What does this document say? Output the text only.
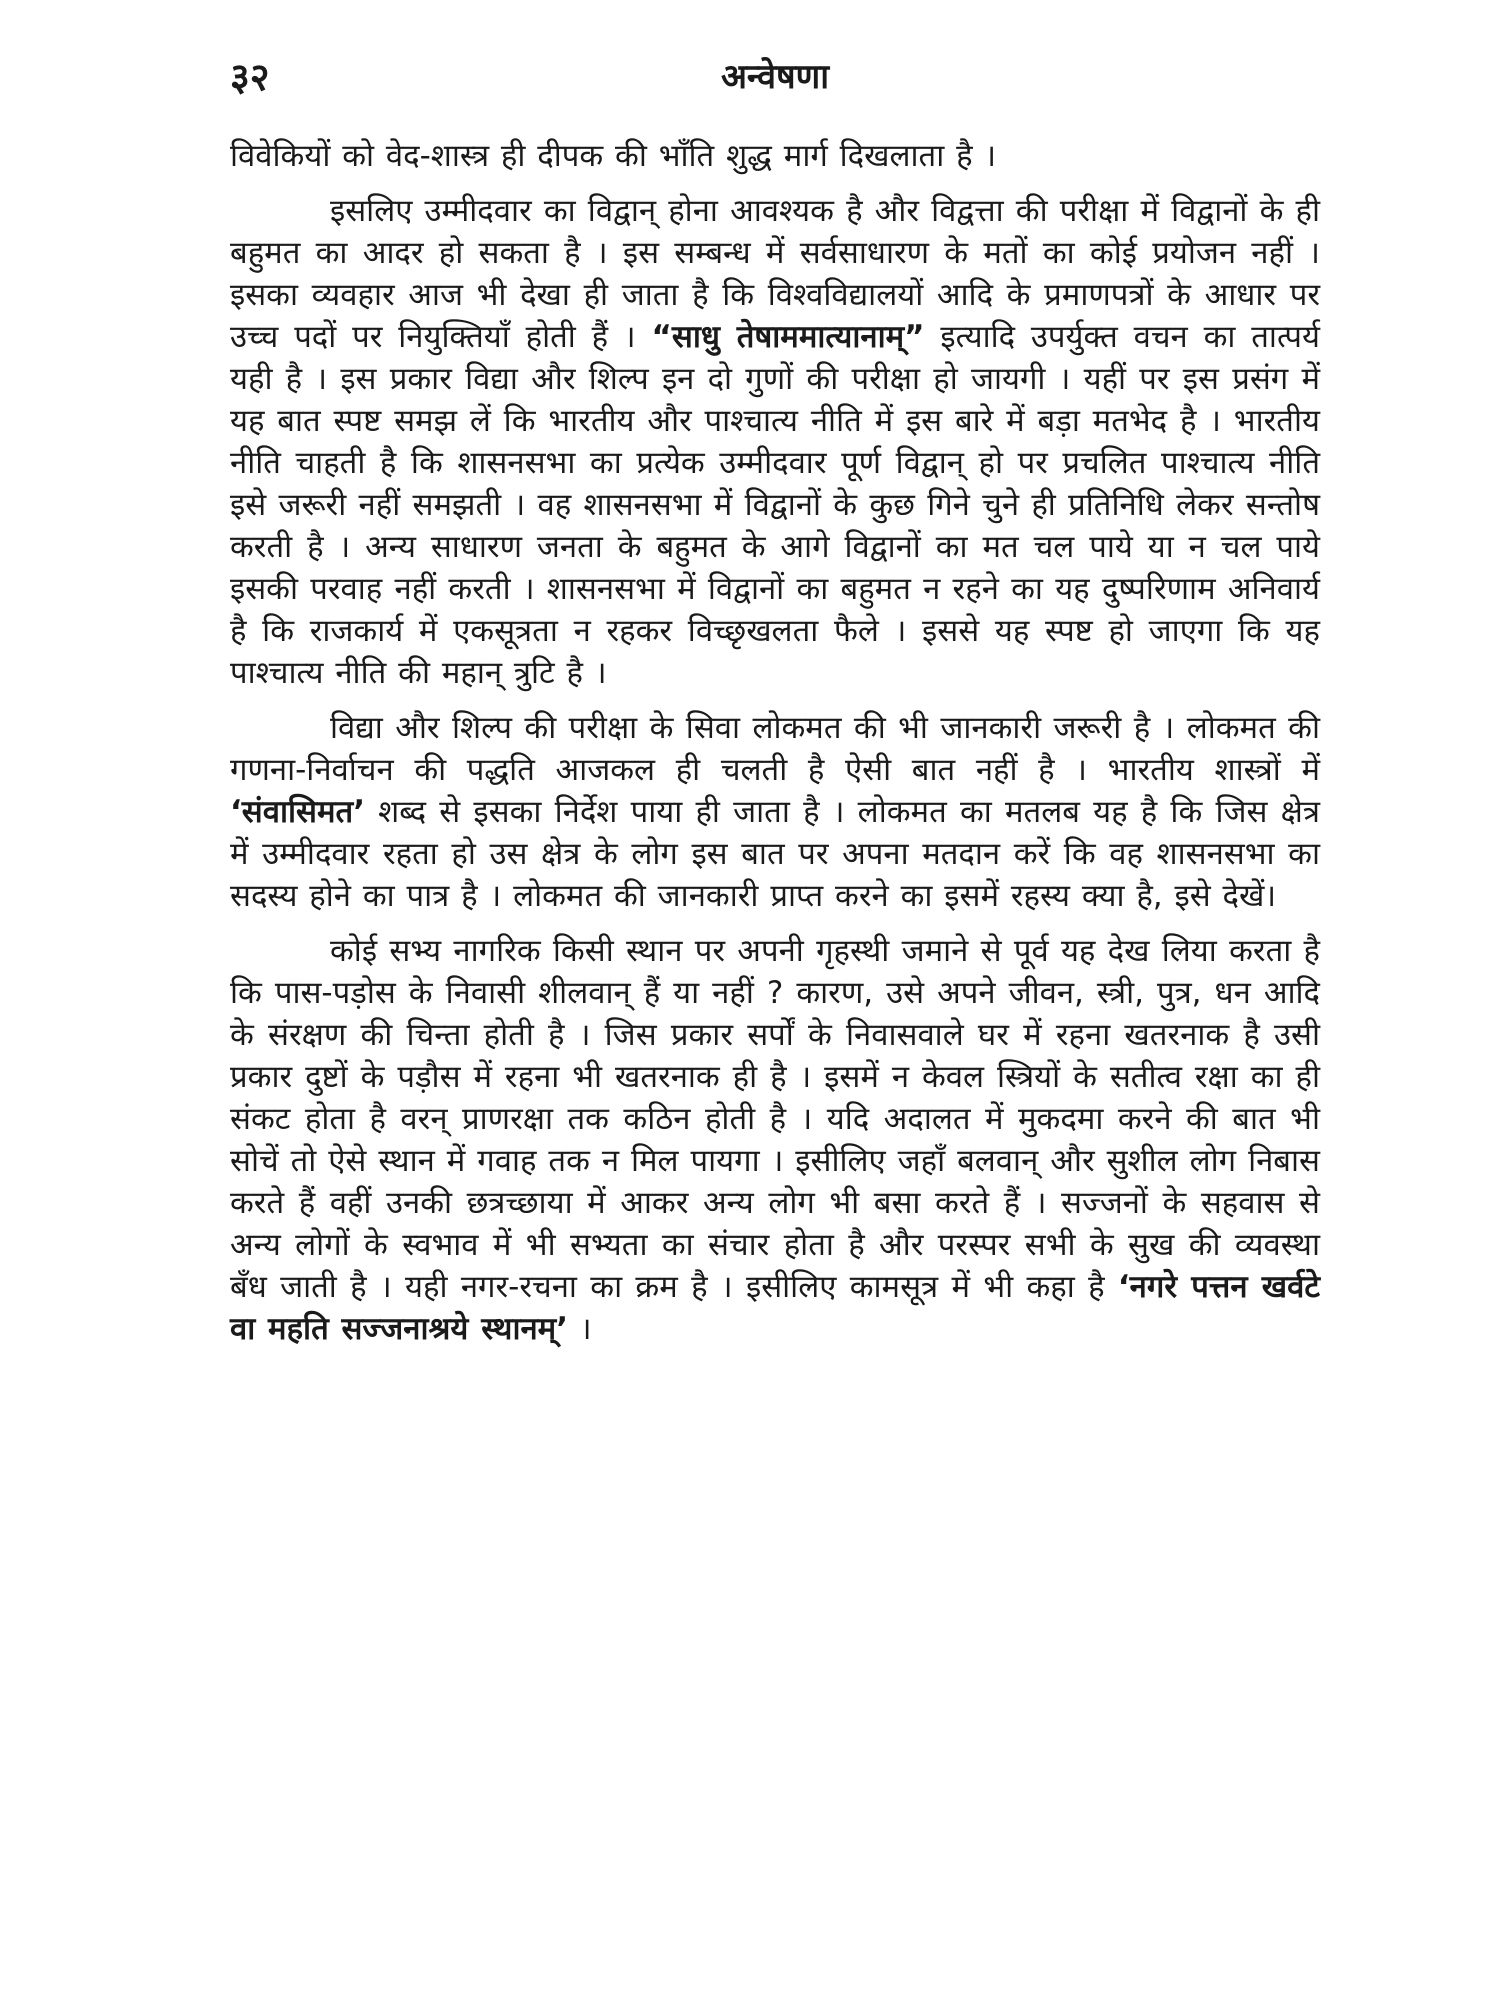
३२	अन्वेषणा

विवेकियों को वेद-शास्त्र ही दीपक की भाँति शुद्ध मार्ग दिखलाता है ।

इसलिए उम्मीदवार का विद्वान् होना आवश्यक है और विद्वत्ता की परीक्षा में विद्वानों के ही बहुमत का आदर हो सकता है । इस सम्बन्ध में सर्वसाधारण के मतों का कोई प्रयोजन नहीं । इसका व्यवहार आज भी देखा ही जाता है कि विश्वविद्यालयों आदि के प्रमाणपत्रों के आधार पर उच्च पदों पर नियुक्तियाँ होती हैं । “साधु तेषाममात्यानाम्” इत्यादि उपर्युक्त वचन का तात्पर्य यही है । इस प्रकार विद्या और शिल्प इन दो गुणों की परीक्षा हो जायगी । यहीं पर इस प्रसंग में यह बात स्पष्ट समझ लें कि भारतीय और पाश्चात्य नीति में इस बारे में बड़ा मतभेद है । भारतीय नीति चाहती है कि शासनसभा का प्रत्येक उम्मीदवार पूर्ण विद्वान् हो पर प्रचलित पाश्चात्य नीति इसे जरूरी नहीं समझती । वह शासनसभा में विद्वानों के कुछ गिने चुने ही प्रतिनिधि लेकर सन्तोष करती है । अन्य साधारण जनता के बहुमत के आगे विद्वानों का मत चल पाये या न चल पाये इसकी परवाह नहीं करती । शासनसभा में विद्वानों का बहुमत न रहने का यह दुष्परिणाम अनिवार्य है कि राजकार्य में एकसूत्रता न रहकर विच्छृखलता फैले । इससे यह स्पष्ट हो जाएगा कि यह पाश्चात्य नीति की महान् त्रुटि है ।

विद्या और शिल्प की परीक्षा के सिवा लोकमत की भी जानकारी जरूरी है । लोकमत की गणना-निर्वाचन की पद्धति आजकल ही चलती है ऐसी बात नहीं है । भारतीय शास्त्रों में ‘संवासिमत’ शब्द से इसका निर्देश पाया ही जाता है । लोकमत का मतलब यह है कि जिस क्षेत्र में उम्मीदवार रहता हो उस क्षेत्र के लोग इस बात पर अपना मतदान करें कि वह शासनसभा का सदस्य होने का पात्र है । लोकमत की जानकारी प्राप्त करने का इसमें रहस्य क्या है, इसे देखें।

कोई सभ्य नागरिक किसी स्थान पर अपनी गृहस्थी जमाने से पूर्व यह देख लिया करता है कि पास-पड़ोस के निवासी शीलवान् हैं या नहीं ? कारण, उसे अपने जीवन, स्त्री, पुत्र, धन आदि के संरक्षण की चिन्ता होती है । जिस प्रकार सर्पों के निवासवाले घर में रहना खतरनाक है उसी प्रकार दुष्टों के पड़ौस में रहना भी खतरनाक ही है । इसमें न केवल स्त्रियों के सतीत्व रक्षा का ही संकट होता है वरन् प्राणरक्षा तक कठिन होती है । यदि अदालत में मुकदमा करने की बात भी सोचें तो ऐसे स्थान में गवाह तक न मिल पायगा । इसीलिए जहाँ बलवान् और सुशील लोग निबास करते हैं वहीं उनकी छत्रच्छाया में आकर अन्य लोग भी बसा करते हैं । सज्जनों के सहवास से अन्य लोगों के स्वभाव में भी सभ्यता का संचार होता है और परस्पर सभी के सुख की व्यवस्था बँध जाती है । यही नगर-रचना का क्रम है । इसीलिए कामसूत्र में भी कहा है ‘नगरे पत्तन खर्वटे वा महति सज्जनाश्रये स्थानम्’ ।
